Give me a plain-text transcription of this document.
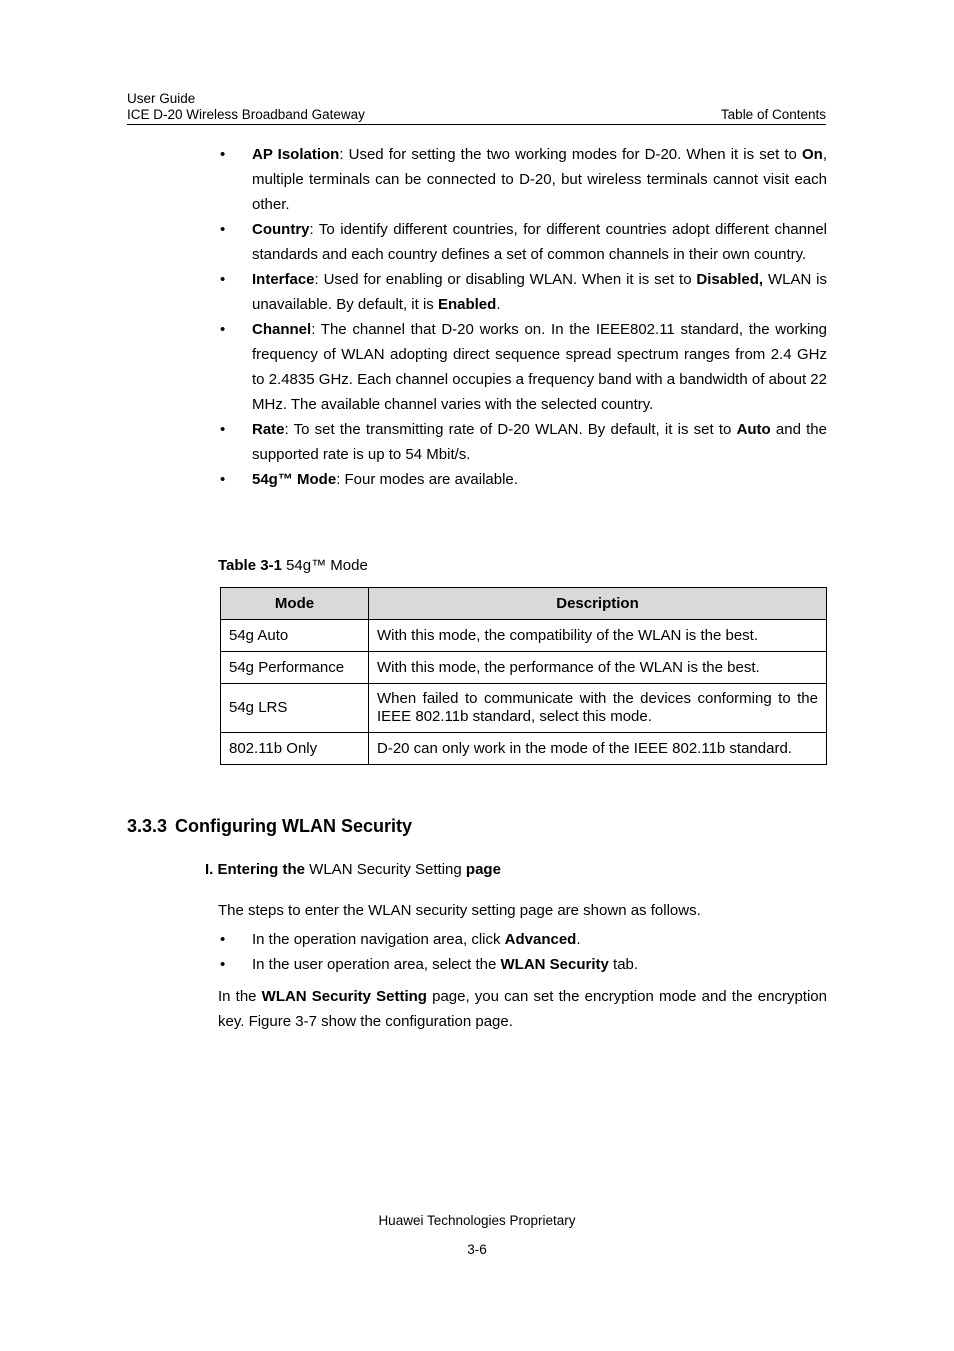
User Guide
ICE D-20 Wireless Broadband Gateway	Table of Contents
• AP Isolation: Used for setting the two working modes for D-20. When it is set to On, multiple terminals can be connected to D-20, but wireless terminals cannot visit each other.
• Country: To identify different countries, for different countries adopt different channel standards and each country defines a set of common channels in their own country.
• Interface: Used for enabling or disabling WLAN. When it is set to Disabled, WLAN is unavailable. By default, it is Enabled.
• Channel: The channel that D-20 works on. In the IEEE802.11 standard, the working frequency of WLAN adopting direct sequence spread spectrum ranges from 2.4 GHz to 2.4835 GHz. Each channel occupies a frequency band with a bandwidth of about 22 MHz. The available channel varies with the selected country.
• Rate: To set the transmitting rate of D-20 WLAN. By default, it is set to Auto and the supported rate is up to 54 Mbit/s.
• 54g™ Mode: Four modes are available.
Table 3-1 54g™ Mode
Mode	Description
54g Auto	With this mode, the compatibility of the WLAN is the best.
54g Performance	With this mode, the performance of the WLAN is the best.
54g LRS	When failed to communicate with the devices conforming to the IEEE 802.11b standard, select this mode.
802.11b Only	D-20 can only work in the mode of the IEEE 802.11b standard.
3.3.3 Configuring WLAN Security
I. Entering the WLAN Security Setting page
The steps to enter the WLAN security setting page are shown as follows.
• In the operation navigation area, click Advanced.
• In the user operation area, select the WLAN Security tab.
In the WLAN Security Setting page, you can set the encryption mode and the encryption key. Figure 3-7 show the configuration page.
Huawei Technologies Proprietary
3-6
